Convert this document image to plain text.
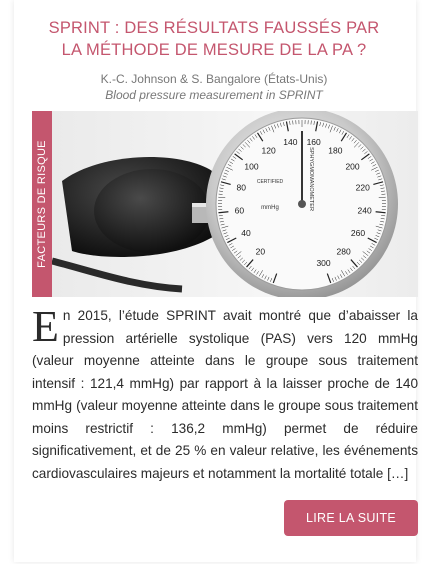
SPRINT : DES RÉSULTATS FAUSSÉS PAR
LA MÉTHODE DE MESURE DE LA PA ?
K.-C. Johnson & S. Bangalore (États-Unis)
Blood pressure measurement in SPRINT
20
40
60
80
100
120
140 160
180
200
220
240
260
280
300
SPHYGMOMANOMETER
CERTIFIED
mmHg
FACTEURS DE RISQUE

En 2015, l’étude SPRINT avait montré que d’abaisser la pression artérielle systolique (PAS) vers 120 mmHg (valeur moyenne atteinte dans le groupe sous traitement intensif : 121,4 mmHg) par rapport à la laisser proche de 140 mmHg (valeur moyenne atteinte dans le groupe sous traitement moins restrictif : 136,2 mmHg) permet de réduire significativement, et de 25 % en valeur relative, les événements cardiovasculaires majeurs et notamment la mortalité totale […]

LIRE LA SUITE
